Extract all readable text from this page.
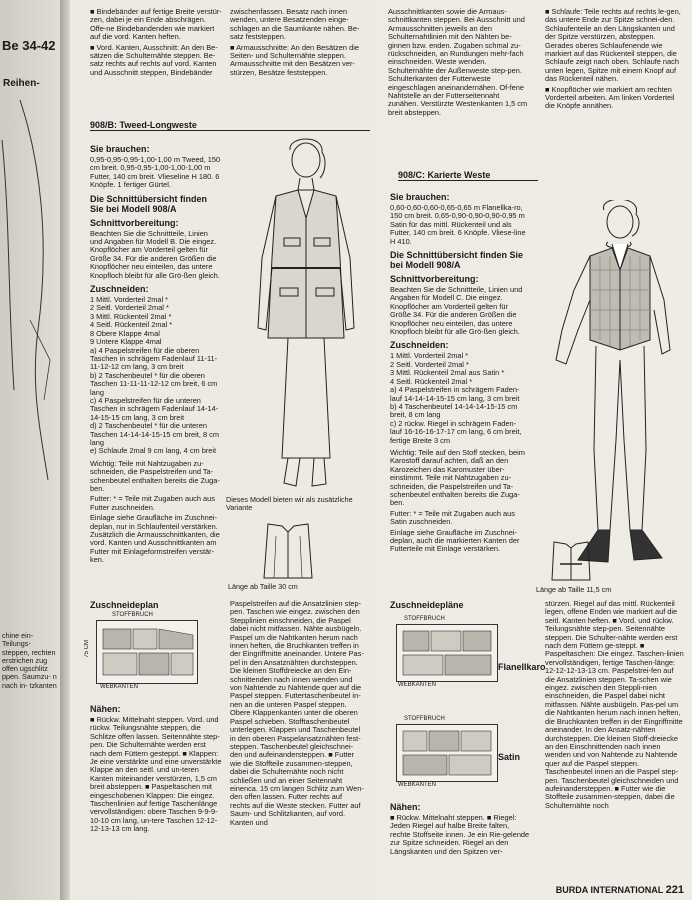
Be 34-42
Reihen-
chine ein- Teilungs- steppen, rechten erstrichen zug offen ugschlitz ppen. Saumzu- n nach in- tzkanten

■ Bindebänder auf fertige Breite verstür-zen, dabei je ein Ende abschrägen. Offe-ne Bindebandenden wie markiert auf die vord. Kanten heften.

■ Vord. Kanten, Ausschnitt: An den Be-sätzen die Schulternähte steppen. Be-satz rechts auf rechts auf vord. Kanten und Ausschnitt steppen, Bindebänder

zwischenfassen. Besatz nach innen wenden, untere Besatzenden einge-schlagen an die Saumkante nähen. Be-satz feststeppen.

■ Armausschnitte: An den Besätzen die Seiten- und Schulternähte steppen. Armausschnitte mit den Besätzen ver-stürzen, Besätze feststeppen.

Ausschnittkanten sowie die Armaus-schnittkanten steppen. Bei Ausschnitt und Armausschnitten jeweils an den Schulternahtlinien mit den Nähten be-ginnen bzw. enden. Zugaben schmal zu-rückschneiden, an Rundungen mehr-fach einschneiden. Weste wenden. Schulternähte der Außenweste step-pen. Schulterkanten der Futterweste eingeschlagen aneinandernähen. Of-fene Nahtstelle an der Futterseitennaht zunähen. Verstürzte Westenkanten 1,5 cm breit absteppen.

■ Schlaufe: Teile rechts auf rechts le-gen, das untere Ende zur Spitze schnei-den. Schlaufenteile an den Längskanten und der Spitze verstürzen, absteppen. Gerades oberes Schlaufenende wie markiert auf das Rückenteil steppen, die Schlaufe zeigt nach oben. Schlaufe nach unten legen, Spitze mit einem Knopf auf das Rückenteil nähen.

■ Knopflöcher wie markiert am rechten Vorderteil arbeiten. Am linken Vorderteil die Knöpfe annähen.

908/B: Tweed-Longweste
Sie brauchen:

0,95-0,95-0,95-1,00-1,00 m Tweed, 150 cm breit. 0,95-0,95-1,00-1,00-1,00 m Futter, 140 cm breit. Vlieseline H 180. 6 Knöpfe. 1 fertiger Gürtel.

Die Schnittübersicht finden Sie bei Modell 908/A
Schnittvorbereitung:

Beachten Sie die Schnittteile, Linien und Angaben für Modell B. Die eingez. Knopflöcher am Vorderteil gelten für Größe 34. Für die anderen Größen die Knopflöcher neu einteilen, das untere Knopfloch bleibt für alle Grö-ßen gleich.

Zuschneiden:
1 Mittl. Vorderteil 2mal *
2 Seitl. Vorderteil 2mal *
3 Mittl. Rückenteil 2mal *
4 Seitl. Rückenteil 2mal *
8 Obere Klappe 4mal
9 Untere Klappe 4mal
a) 4 Paspelstreifen für die oberen Taschen in schrägem Fadenlauf 11-11-11-12-12 cm lang, 3 cm breit
b) 2 Taschenbeutel * für die oberen Taschen 11-11-11-12-12 cm breit, 6 cm lang
c) 4 Paspelstreifen für die unteren Taschen in schrägem Fadenlauf 14-14-14-15-15 cm lang, 3 cm breit
d) 2 Taschenbeutel * für die unteren Taschen 14-14-14-15-15 cm breit, 8 cm lang
e) Schlaufe 2mal 9 cm lang, 4 cm breit

Wichtig: Teile mit Nahtzugaben zu-schneiden, die Paspelstreifen und Ta-schenbeutel enthalten bereits die Zuga-ben.

Futter: * = Teile mit Zugaben auch aus Futter zuschneiden.

Einlage siehe Graufläche im Zuschnei-deplan, nur in Schlaufenteil verstärken. Zusätzlich die Armausschnittkanten, die vord. Kanten und Ausschnittkanten am Futter mit Einlageformstreifen verstär-ken.

Dieses Modell bieten wir als zusätzliche Variante
Länge ab Taille 30 cm
Zuschneideplan
STOFFBRUCH
WEBKANTEN
75 CM
Nähen:

■ Rückw. Mittelnaht steppen. Vord. und rückw. Teilungsnähte steppen, die Schlitze offen lassen. Seitennähte step-pen. Die Schulternähte werden erst nach dem Füttern gesteppt. ■ Klappen: Je eine verstärkte und eine unverstärkte Klappe an den seitl. und un-teren Kanten miteinander verstürzen, 1,5 cm breit absteppen. ■ Paspeltaschen mit eingeschobenen Klappen: Die eingez. Taschenlinien auf fertige Taschenlänge vervollständigen: obere Taschen 9-9-9-10-10 cm lang, un-tere Taschen 12-12-12-13-13 cm lang.

Paspelstreifen auf die Ansatzlinien step-pen. Taschen wie eingez. zwischen den Stepplinien einschneiden, die Paspel dabei nicht mitfassen. Nähte ausbügeln. Paspel um die Nahtkanten herum nach innen heften, die Bruchkanten treffen in der Eingriffmitte aneinander. Untere Pas-pel in den Ansatznähten durchsteppen. Die kleinen Stoffdreiecke an den Ein-schnittenden nach innen wenden und von Nahtende zu Nahtende quer auf die Paspel steppen. Futtertaschenbeutel in-nen an die unteren Paspel steppen. Obere Klappenkanten unter die oberen Paspel schieben. Stofftaschenbeutel unterlegen. Klappen und Taschenbeutel in den oberen Paspelansatznähten fest-steppen. Taschenbeutel gleichschnei-den und aufeinandersteppen. ■ Futter wie die Stoffteile zusammen-steppen, dabei die Schulternähte noch nicht schließen und an einer Seitennaht einenca. 15 cm langen Schlitz zum Wen-den offen lassen. Futter rechts auf rechts auf die Weste stecken. Futter auf Saum- und Schlitzkanten, auf vord. Kanten und

908/C: Karierte Weste
Sie brauchen:

0,60-0,60-0,60-0,65-0,65 m Flanellka-ro, 150 cm breit. 0,65-0,90-0,90-0,90-0,95 m Satin für das mittl. Rückenteil und als Futter, 140 cm breit. 6 Knöpfe. Vliese-line H 410.

Die Schnittübersicht finden Sie bei Modell 908/A
Schnittvorbereitung:

Beachten Sie die Schnittteile, Linien und Angaben für Modell C. Die eingez. Knopflöcher am Vorderteil gelten für Größe 34. Für die anderen Größen die Knopflöcher neu einteilen, das untere Knopfloch bleibt für alle Grö-ßen gleich.

Zuschneiden:
1 Mittl. Vorderteil 2mal *
2 Seitl. Vorderteil 2mal *
3 Mittl. Rückenteil 2mal aus Satin *
4 Seitl. Rückenteil 2mal *
a) 4 Paspelstreifen in schrägem Faden-lauf 14-14-14-15-15 cm lang, 3 cm breit
b) 4 Taschenbeutel 14-14-14-15-15 cm breit, 8 cm lang
c) 2 rückw. Riegel in schrägem Faden-lauf 16-16-16-17-17 cm lang, 6 cm breit, fertige Breite 3 cm

Wichtig: Teile auf den Stoff stecken, beim Karostoff darauf achten, daß an den Karozeichen das Karomuster über-einstimmt. Teile mit Nahtzugaben zu-schneiden, die Paspelstreifen und Ta-schenbeutel enthalten bereits die Zuga-ben.

Futter: * = Teile mit Zugaben auch aus Satin zuschneiden.

Einlage siehe Graufläche im Zuschnei-deplan, auch die markierten Kanten der Futterteile mit Einlage verstärken.

Länge ab Taille 11,5 cm
Zuschneidepläne
STOFFBRUCH
WEBKANTEN
Flanellkaro
STOFFBRUCH
WEBKANTEN
Satin
Nähen:

■ Rückw. Mittelnaht steppen. ■ Riegel: Jeden Riegel auf halbe Breite falten, rechte Stoffseite innen. Je ein Rie-gelende zur Spitze schneiden. Riegel an den Längskanten und den Spitzen ver-

stürzen. Riegel auf das mittl. Rückenteil legen, offene Enden wie markiert auf die seitl. Kanten heften. ■ Vord. und rückw. Teilungsnähte step-pen. Seitennähte steppen. Die Schulter-nähte werden erst nach dem Füttern ge-steppt. ■ Paspeltaschen: Die eingez. Taschen-linien vervollständigen, fertige Taschen-länge: 12-12-12-13-13 cm. Paspelstrei-fen auf die Ansatzlinien steppen. Ta-schen wie eingez. zwischen den Steppli-nien einschneiden, die Paspel dabei nicht mitfassen. Nähte ausbügeln. Pas-pel um die Nahtkanten herum nach innen heften, die Bruchkanten treffen in der Eingriffmitte aneinander. In den Ansatz-nähten durchsteppen. Die kleinen Stoff-dreiecke an den Einschnittenden nach innen wenden und von Nahtende zu Nahtende quer auf die Paspel steppen. Taschenbeutel innen an die Paspel step-pen. Taschenbeutel gleichschneiden und aufeinandersteppen. ■ Futter wie die Stoffteile zusammen-steppen, dabei die Schulternähte noch

BURDA INTERNATIONAL 221
